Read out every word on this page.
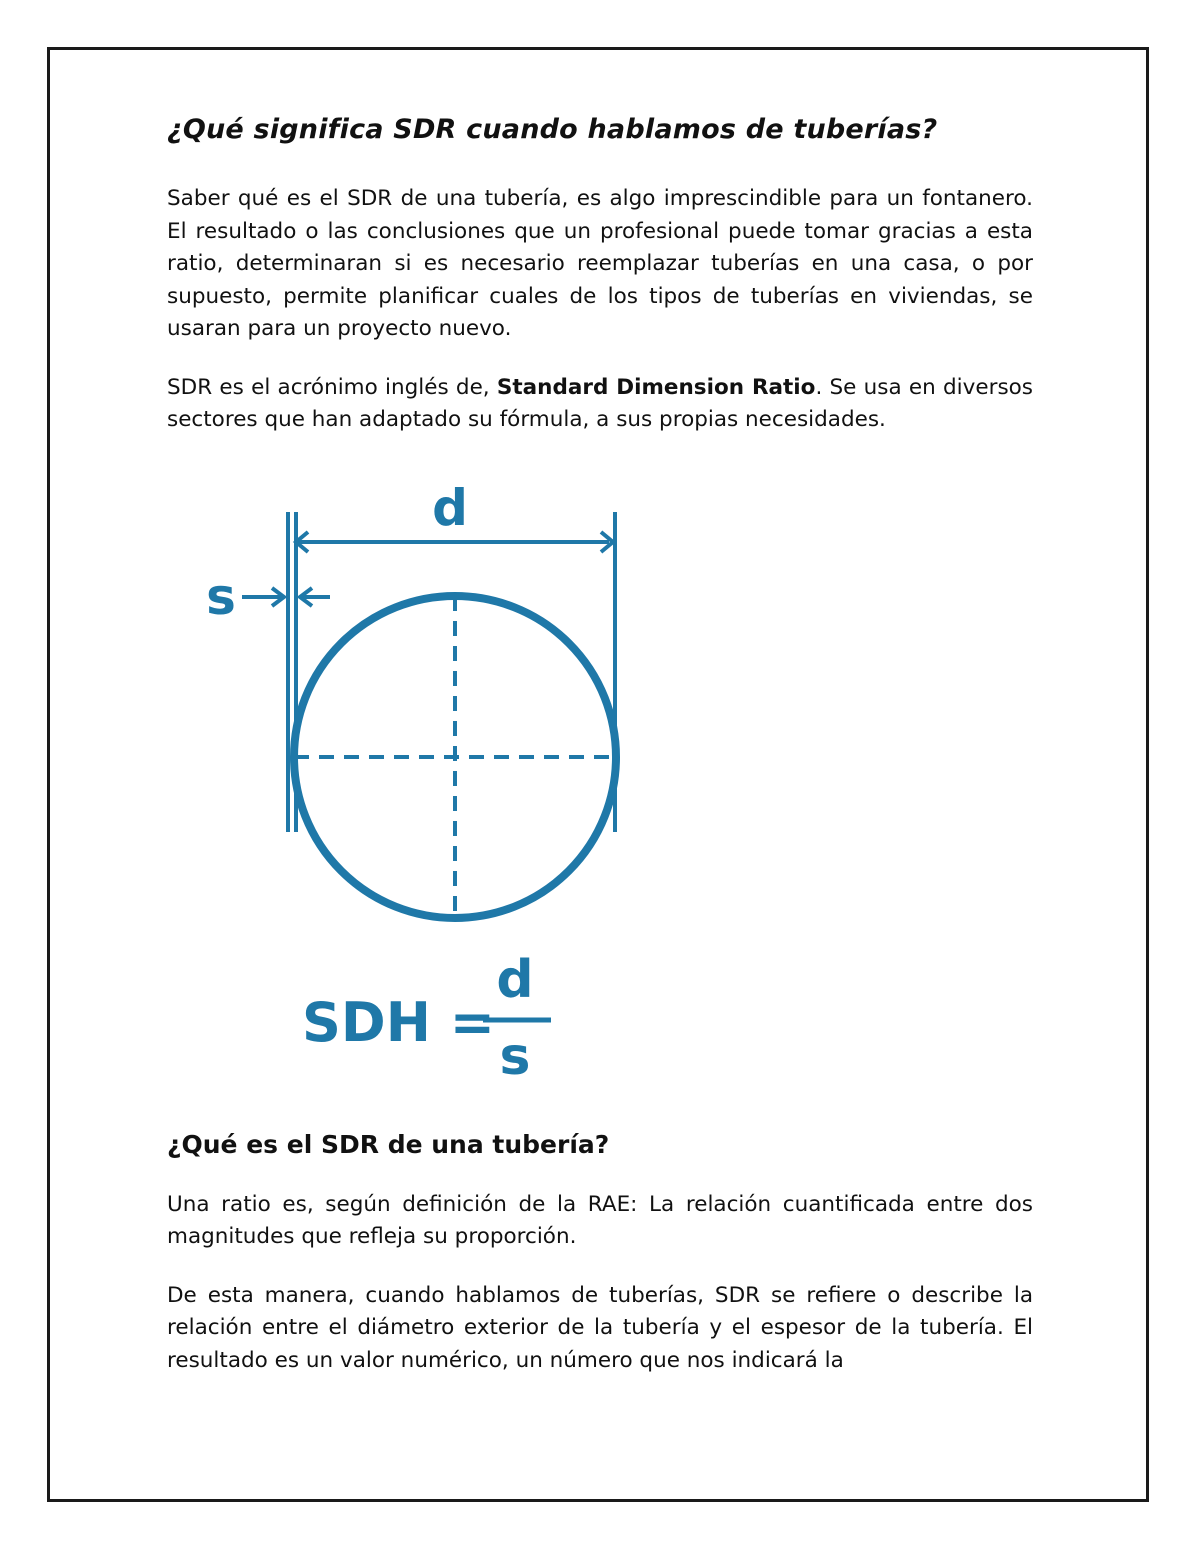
¿Qué significa SDR cuando hablamos de tuberías?

Saber qué es el SDR de una tubería, es algo imprescindible para un fontanero. El resultado o las conclusiones que un profesional puede tomar gracias a esta ratio, determinaran si es necesario reemplazar tuberías en una casa, o por supuesto, permite planificar cuales de los tipos de tuberías en viviendas, se usaran para un proyecto nuevo.

SDR es el acrónimo inglés de, Standard Dimension Ratio. Se usa en diversos sectores que han adaptado su fórmula, a sus propias necesidades.

d
s
SDH =
d
s
¿Qué es el SDR de una tubería?

Una ratio es, según definición de la RAE: La relación cuantificada entre dos magnitudes que refleja su proporción.

De esta manera, cuando hablamos de tuberías, SDR se refiere o describe la relación entre el diámetro exterior de la tubería y el espesor de la tubería. El resultado es un valor numérico, un número que nos indicará la
